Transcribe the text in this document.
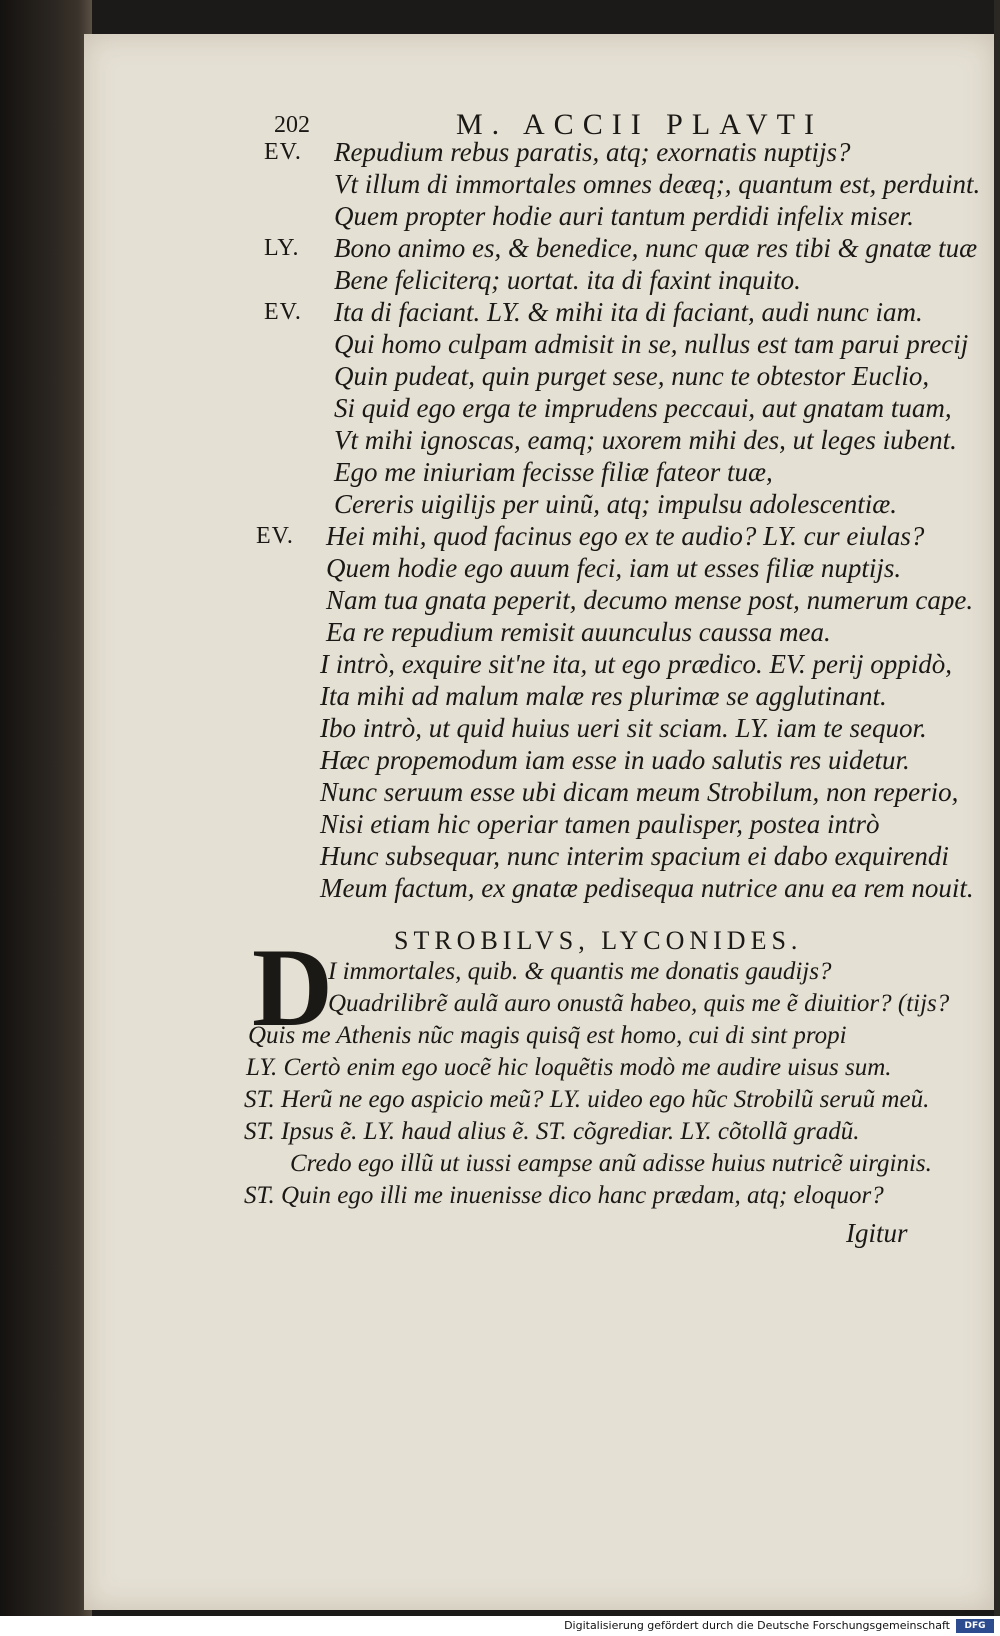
202	M. ACCII PLAVTI
EV. Repudium rebus paratis, atq; exornatis nuptijs?
Vt illum di immortales omnes deæq;, quantum est, perduint.
Quem propter hodie auri tantum perdidi infelix miser.
LY. Bono animo es, & benedice, nunc quæ res tibi & gnatæ tuæ
Bene feliciterq; uortat. ita di faxint inquito.
EV. Ita di faciant. LY. & mihi ita di faciant, audi nunc iam.
Qui homo culpam admisit in se, nullus est tam parui precij
Quin pudeat, quin purget sese, nunc te obtestor Euclio,
Si quid ego erga te imprudens peccaui, aut gnatam tuam,
Vt mihi ignoscas, eamq; uxorem mihi des, ut leges iubent.
Ego me iniuriam fecisse filiæ fateor tuæ,
Cereris uigilijs per uinũ, atq; impulsu adolescentiæ.
EV. Hei mihi, quod facinus ego ex te audio? LY. cur eiulas?
Quem hodie ego auum feci, iam ut esses filiæ nuptijs.
Nam tua gnata peperit, decumo mense post, numerum cape.
Ea re repudium remisit auunculus caussa mea.
I intrò, exquire sit'ne ita, ut ego prædico. EV. perij oppidò,
Ita mihi ad malum malæ res plurimæ se agglutinant.
Ibo intrò, ut quid huius ueri sit sciam. LY. iam te sequor.
Hæc propemodum iam esse in uado salutis res uidetur.
Nunc seruum esse ubi dicam meum Strobilum, non reperio,
Nisi etiam hic operiar tamen paulisper, postea intrò
Hunc subsequar, nunc interim spacium ei dabo exquirendi
Meum factum, ex gnatæ pedisequa nutrice anu ea rem nouit.
STROBILVS, LYCONIDES.
D
I immortales, quib. & quantis me donatis gaudijs?
Quadrilibrẽ aulã auro onustã habeo, quis me ẽ diuitior? (tijs?
Quis me Athenis nũc magis quisq̃ est homo, cui di sint propi
LY. Certò enim ego uocẽ hic loquẽtis modò me audire uisus sum.
ST. Herũ ne ego aspicio meũ? LY. uideo ego hũc Strobilũ seruũ meũ.
ST. Ipsus ẽ. LY. haud alius ẽ. ST. cõgrediar. LY. cõtollã gradũ.
Credo ego illũ ut iussi eampse anũ adisse huius nutricẽ uirginis.
ST. Quin ego illi me inuenisse dico hanc prædam, atq; eloquor?
Igitur
Digitalisierung gefördert durch die Deutsche Forschungsgemeinschaft	DFG
